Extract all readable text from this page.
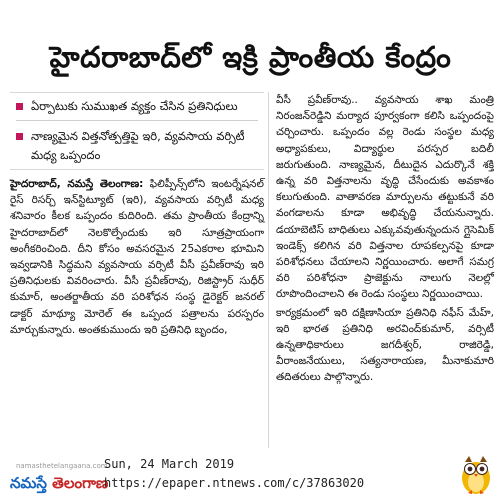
హైదరాబాద్‌లో ఇక్రి ప్రాంతీయ కేంద్రం
ఏర్పాటుకు సుముఖత వ్యక్తం చేసిన ప్రతినిధులు
నాణ్యమైన విత్తనోత్పత్తిపై ఇరి, వ్యవసాయ వర్సిటీ మధ్య ఒప్పందం
హైదరాబాద్, నమస్తే తెలంగాణ: ఫిలిప్పీన్స్‌లోని ఇంటర్నేషనల్ రైస్ రిసర్చ్ ఇన్‌స్టిట్యూట్ (ఇరి), వ్యవసాయ వర్సిటీ మధ్య శనివారం కీలక ఒప్పందం కుదిరింది. తమ ప్రాంతీయ కేంద్రాన్ని హైదరాబాద్‌లో నెలకొల్పేందుకు ఇరి సూత్రప్రాయంగా అంగీకరించింది. దీని కోసం అవసరమైన 25ఎకరాల భూమిని ఇవ్వడానికి సిద్ధమని వ్యవసాయ వర్సిటీ వీసీ ప్రవీణ్‌రావు ఇరి ప్రతినిధులకు వివరించారు. వీసీ ప్రవీణ్‌రావు, రిజిస్ట్రార్ సుధీర్ కుమార్, అంతర్జాతీయ వరి పరిశోధన సంస్థ డైరెక్టర్ జనరల్ డాక్టర్ మాథ్యూ మోరెల్ ఈ ఒప్పంద పత్రాలను పరస్పరం మార్చుకున్నారు. అంతకుముందు ఇరి ప్రతినిధి బృందం,
వీసీ ప్రవీణ్‌రావు.. వ్యవసాయ శాఖ మంత్రి నిరంజన్‌రెడ్డిని మర్యాద పూర్వకంగా కలిసి ఒప్పందంపై చర్చించారు. ఒప్పందం వల్ల రెండు సంస్థల మధ్య అధ్యాపకులు, విద్యార్థుల పరస్పర బదిలీ జరుగుతుంది. నాణ్యమైన, దీటుదైన ఎదుర్కొనే శక్తి ఉన్న వరి విత్తనాలను వృద్ధి చేసేందుకు అవకాశం కలుగుతుంది. వాతావరణ మార్పులను తట్టుకునే వరి వంగడాలను కూడా అభివృద్ధి చేయనున్నారు. డయాబెటిస్ బాధితులు ఎక్కువవుతున్నందున గ్లైసెమిక్ ఇండెక్స్ కలిగిన వరి విత్తనాల రూపకల్పనపై కూడా పరిశోధనలు చేయాలని నిర్ణయించారు. అలాగే సమగ్ర వరి పరిశోధనా ప్రాజెక్టును నాలుగు నెలల్లో రూపొందించాలని ఈ రెండు సంస్థలు నిర్ణయించాయి.
కార్యక్రమంలో ఇరి దక్షిణాసియా ప్రతినిధి నఫీస్ మేహ్, ఇరి భారత ప్రతినిధి అరవింద్‌కుమార్, వర్సిటీ ఉన్నతాధికారులు జగదీశ్వర్, రాజిరెడ్డి, వీరాంజనేయులు, సత్యనారాయణ, మీనాకుమారి తదితరులు పాల్గొన్నారు.
namasthetelangaana.com
నమస్తే తెలంగాణ
Sun, 24 March 2019
https://epaper.ntnews.com/c/37863020
